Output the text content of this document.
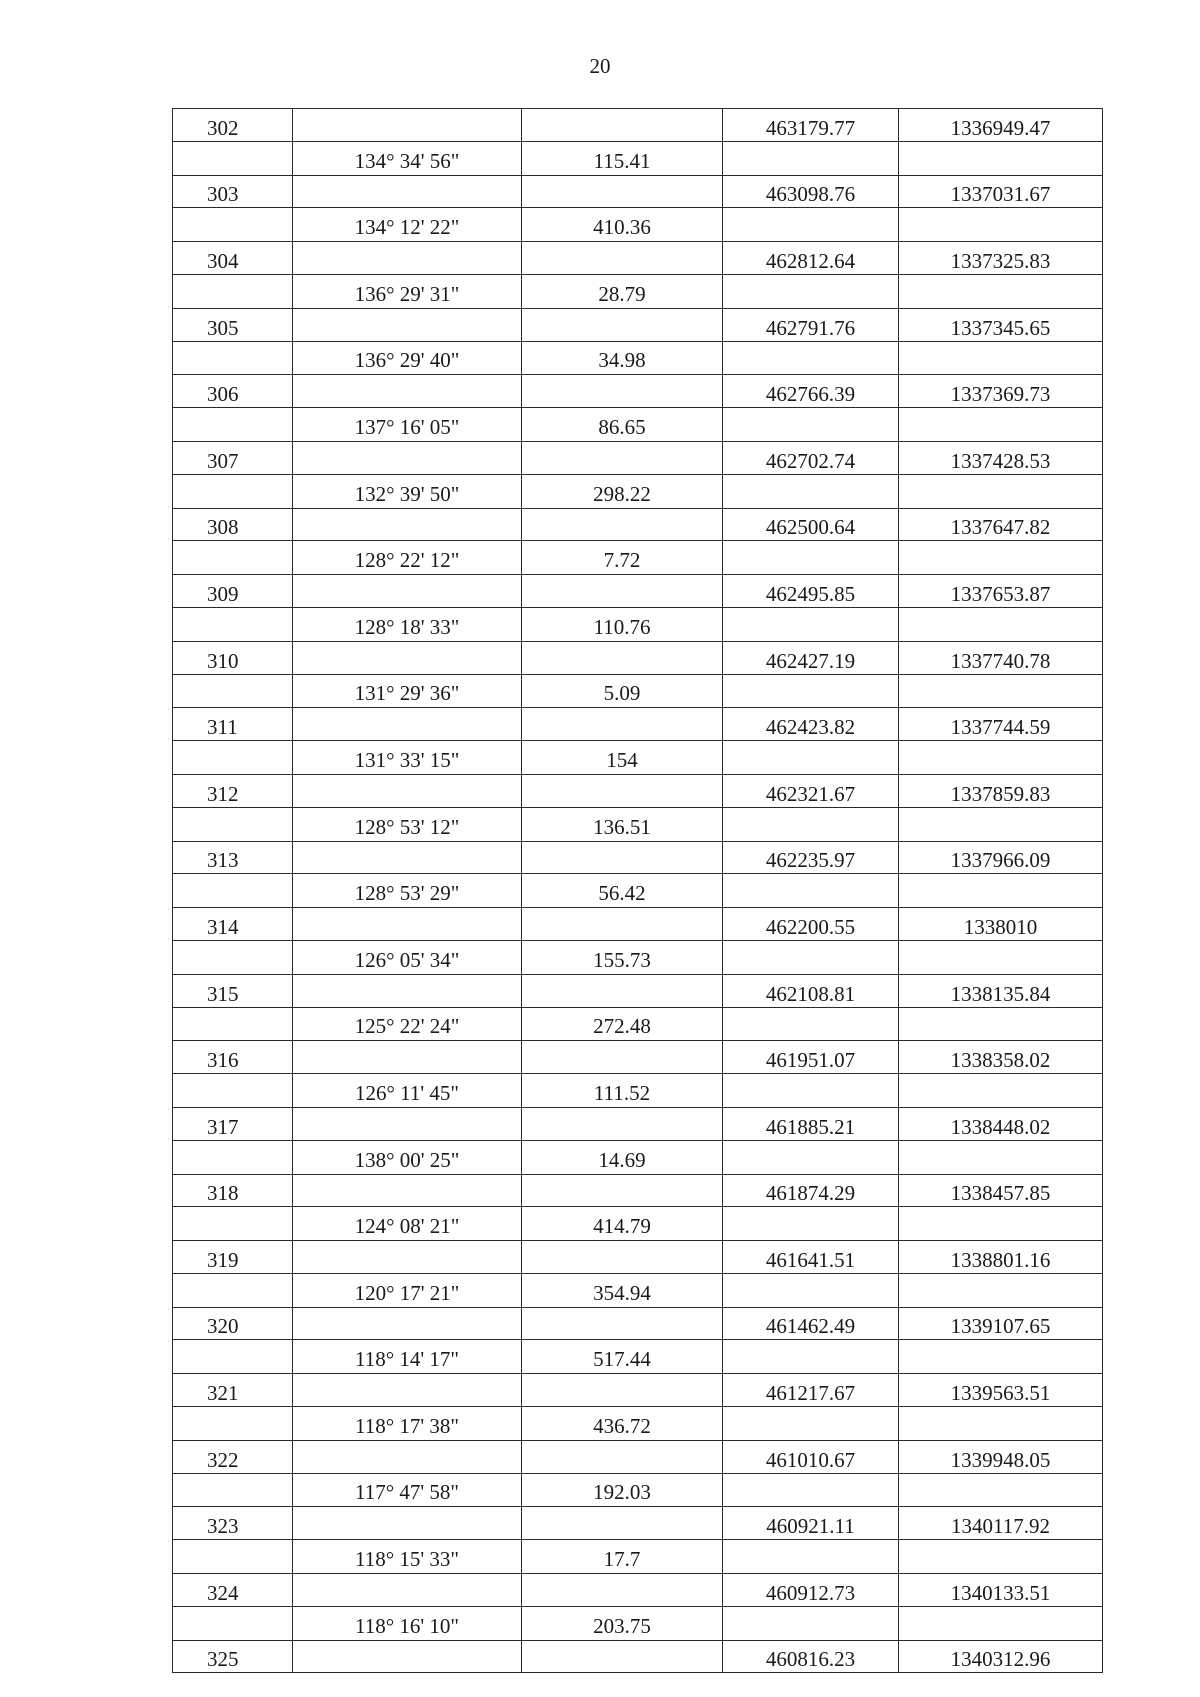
20
302			463179.77	1336949.47
	134° 34' 56"	115.41		
303			463098.76	1337031.67
	134° 12' 22"	410.36		
304			462812.64	1337325.83
	136° 29' 31"	28.79		
305			462791.76	1337345.65
	136° 29' 40"	34.98		
306			462766.39	1337369.73
	137° 16' 05"	86.65		
307			462702.74	1337428.53
	132° 39' 50"	298.22		
308			462500.64	1337647.82
	128° 22' 12"	7.72		
309			462495.85	1337653.87
	128° 18' 33"	110.76		
310			462427.19	1337740.78
	131° 29' 36"	5.09		
311			462423.82	1337744.59
	131° 33' 15"	154		
312			462321.67	1337859.83
	128° 53' 12"	136.51		
313			462235.97	1337966.09
	128° 53' 29"	56.42		
314			462200.55	1338010
	126° 05' 34"	155.73		
315			462108.81	1338135.84
	125° 22' 24"	272.48		
316			461951.07	1338358.02
	126° 11' 45"	111.52		
317			461885.21	1338448.02
	138° 00' 25"	14.69		
318			461874.29	1338457.85
	124° 08' 21"	414.79		
319			461641.51	1338801.16
	120° 17' 21"	354.94		
320			461462.49	1339107.65
	118° 14' 17"	517.44		
321			461217.67	1339563.51
	118° 17' 38"	436.72		
322			461010.67	1339948.05
	117° 47' 58"	192.03		
323			460921.11	1340117.92
	118° 15' 33"	17.7		
324			460912.73	1340133.51
	118° 16' 10"	203.75		
325			460816.23	1340312.96
